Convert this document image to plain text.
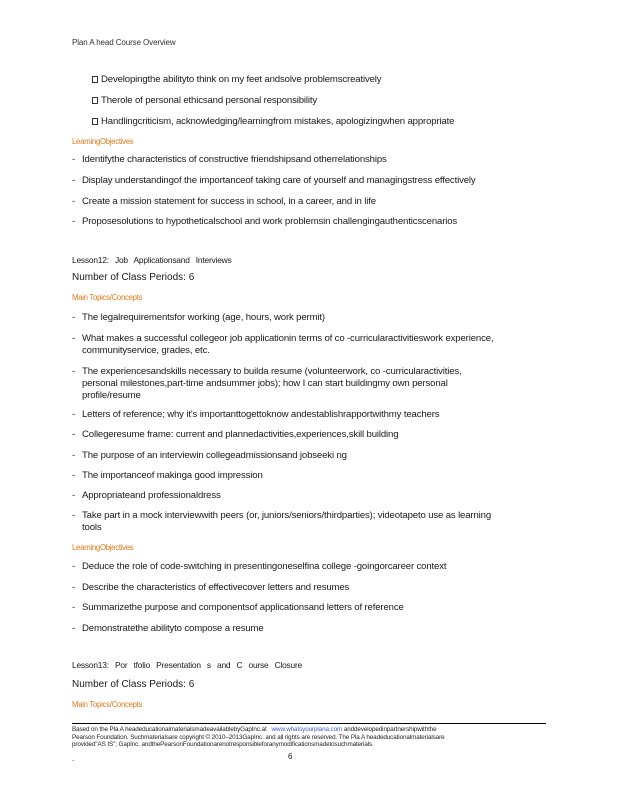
Plan A head Course Overview
Developingthe abilityto think on my feet andsolve problemscreatively
Therole of personal ethicsand personal responsibility
Handlingcriticism, acknowledging/learningfrom mistakes, apologizingwhen appropriate
LearningObjectives
- Identifythe characteristics of constructive friendshipsand otherrelationships
- Display understandingof the importanceof taking care of yourself and managingstress effectively
- Create a mission statement for success in school, in a career, and in life
- Proposesolutions to hypotheticalschool and work problemsin challengingauthenticscenarios
Lesson12: Job Applicationsand Interviews
Number of Class Periods: 6
Main Topics/Concepts
- The legalrequirementsfor working (age, hours, work permit)
- What makes a successful collegeor job applicationin terms of co -curricularactivitieswork experience,
communityservice, grades, etc.
- The experiencesandskills necessary to builda resume (volunteerwork, co -curricularactivities,
personal milestones,part-time andsummer jobs); how I can start buildingmy own personal
profile/resume
- Letters of reference; why it's importanttogettoknow andestablishrapportwithmy teachers
- Collegeresume frame: current and plannedactivities,experiences,skill building
- The purpose of an interviewin collegeadmissionsand jobseeki ng
- The importanceof makinga good impression
- Appropriateand professionaldress
- Take part in a mock interviewwith peers (or, juniors/seniors/thirdparties); videotapeto use as learning
tools
LearningObjectives
- Deduce the role of code-switching in presentingoneselfina college -goingorcareer context
- Describe the characteristics of effectivecover letters and resumes
- Summarizethe purpose and componentsof applicationsand letters of reference
- Demonstratethe abilityto compose a resume
Lesson13: Por tfolio Presentation s and C ourse Closure
Number of Class Periods: 6
Main Topics/Concepts
Based on the Pla A headeducationalmaterialsmadeavailablebyGapInc.at www.whatsyourplana.com anddevelopedinpartnershipwiththe
Pearson Foundation. Suchmaterialsare copyright © 2010–2013GapInc. and all rights are reserved. The Pla A headeducationalmaterialsare
provided"AS IS"; GapInc. andthePearsonFoundationarenotresponsibleforanymodificationsmadetosuchmaterials.
.	6
